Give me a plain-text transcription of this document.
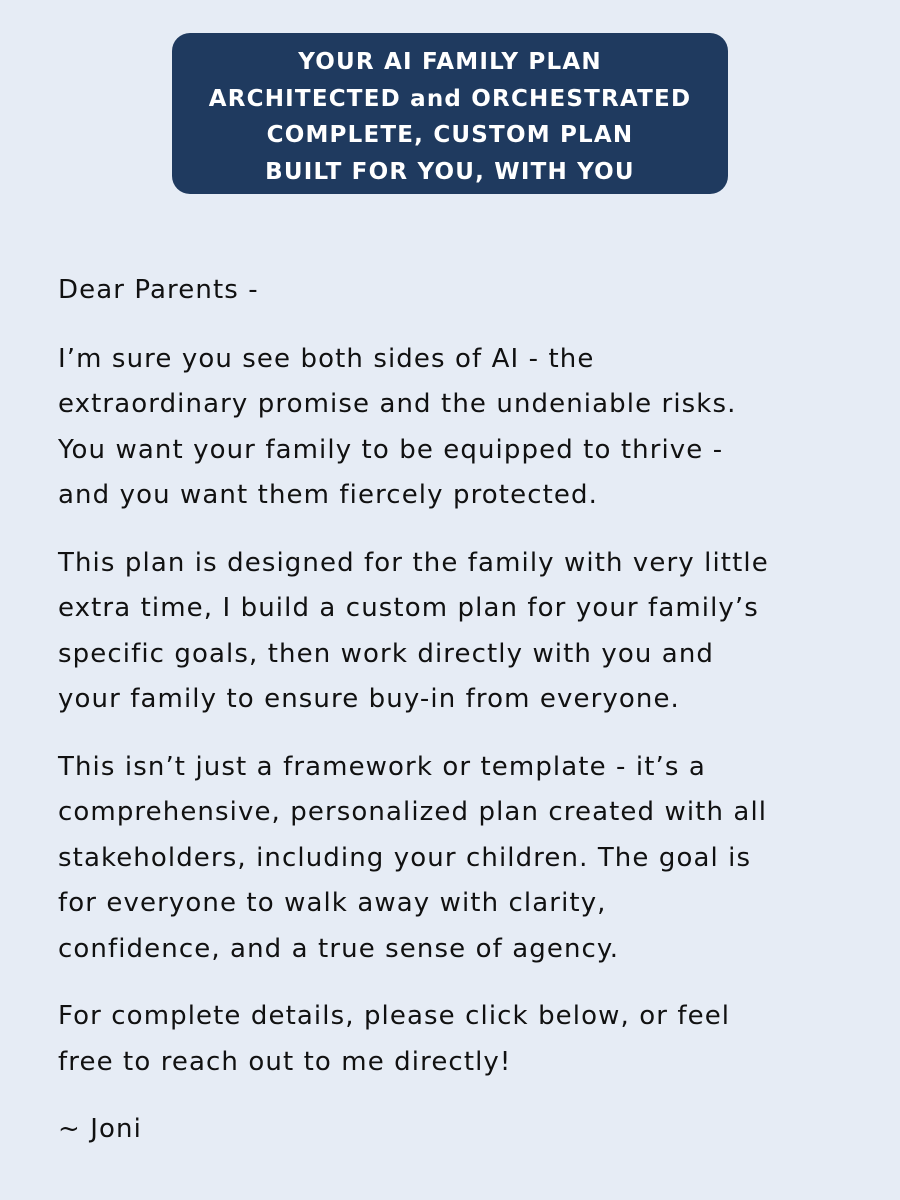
YOUR AI FAMILY PLAN
ARCHITECTED and ORCHESTRATED
COMPLETE, CUSTOM PLAN
BUILT FOR YOU, WITH YOU

Dear Parents -

I’m sure you see both sides of AI - the
extraordinary promise and the undeniable risks.
You want your family to be equipped to thrive -
and you want them fiercely protected.

This plan is designed for the family with very little
extra time, I build a custom plan for your family’s
specific goals, then work directly with you and
your family to ensure buy-in from everyone.

This isn’t just a framework or template - it’s a
comprehensive, personalized plan created with all
stakeholders, including your children. The goal is
for everyone to walk away with clarity,
confidence, and a true sense of agency.

For complete details, please click below, or feel
free to reach out to me directly!

~ Joni
